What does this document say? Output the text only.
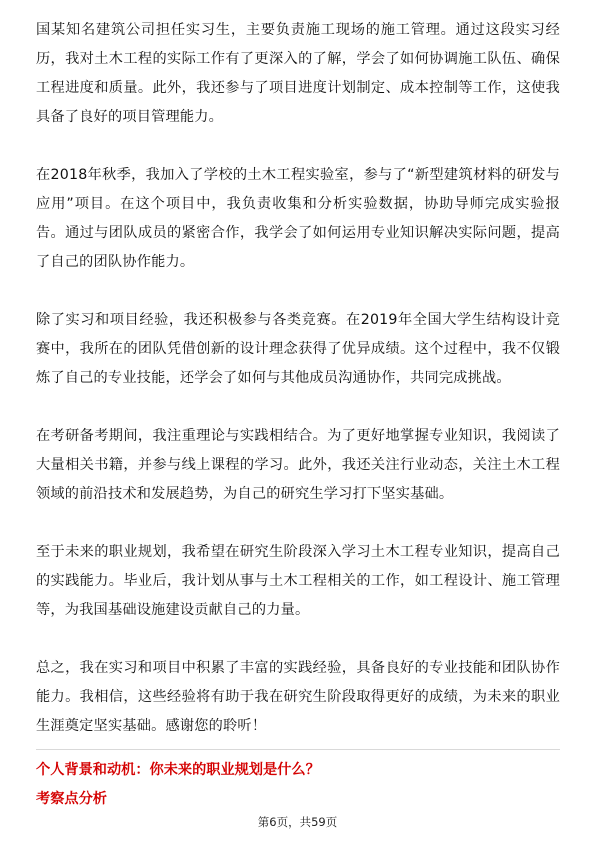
国某知名建筑公司担任实习生，主要负责施工现场的施工管理。通过这段实习经历，我对土木工程的实际工作有了更深入的了解，学会了如何协调施工队伍、确保工程进度和质量。此外，我还参与了项目进度计划制定、成本控制等工作，这使我具备了良好的项目管理能力。

在2018年秋季，我加入了学校的土木工程实验室，参与了“新型建筑材料的研发与应用”项目。在这个项目中，我负责收集和分析实验数据，协助导师完成实验报告。通过与团队成员的紧密合作，我学会了如何运用专业知识解决实际问题，提高了自己的团队协作能力。

除了实习和项目经验，我还积极参与各类竞赛。在2019年全国大学生结构设计竞赛中，我所在的团队凭借创新的设计理念获得了优异成绩。这个过程中，我不仅锻炼了自己的专业技能，还学会了如何与其他成员沟通协作，共同完成挑战。

在考研备考期间，我注重理论与实践相结合。为了更好地掌握专业知识，我阅读了大量相关书籍，并参与线上课程的学习。此外，我还关注行业动态，关注土木工程领域的前沿技术和发展趋势，为自己的研究生学习打下坚实基础。

至于未来的职业规划，我希望在研究生阶段深入学习土木工程专业知识，提高自己的实践能力。毕业后，我计划从事与土木工程相关的工作，如工程设计、施工管理等，为我国基础设施建设贡献自己的力量。

总之，我在实习和项目中积累了丰富的实践经验，具备良好的专业技能和团队协作能力。我相信，这些经验将有助于我在研究生阶段取得更好的成绩，为未来的职业生涯奠定坚实基础。感谢您的聆听！

个人背景和动机：你未来的职业规划是什么？

考察点分析

第6页，共59页
